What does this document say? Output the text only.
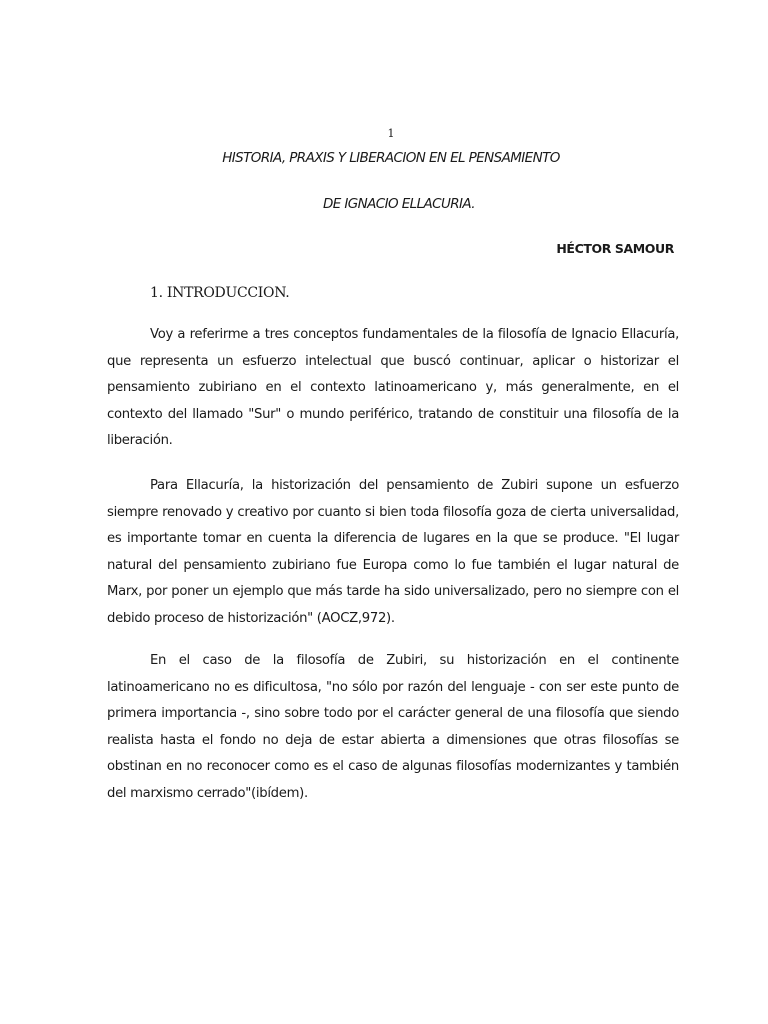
1
HISTORIA, PRAXIS Y LIBERACION EN EL PENSAMIENTO
DE IGNACIO ELLACURIA.
HÉCTOR SAMOUR
1. INTRODUCCION.

Voy a referirme a tres conceptos fundamentales de la filosofía de Ignacio Ellacuría, que representa un esfuerzo intelectual que buscó continuar, aplicar o historizar el pensamiento zubiriano en el contexto latinoamericano y, más generalmente, en el contexto del llamado "Sur" o mundo periférico, tratando de constituir una filosofía de la liberación.

Para Ellacuría, la historización del pensamiento de Zubiri supone un esfuerzo siempre renovado y creativo por cuanto si bien toda filosofía goza de cierta universalidad, es importante tomar en cuenta la diferencia de lugares en la que se produce. "El lugar natural del pensamiento zubiriano fue Europa como lo fue también el lugar natural de Marx, por poner un ejemplo que más tarde ha sido universalizado, pero no siempre con el debido proceso de historización" (AOCZ,972).

En el caso de la filosofía de Zubiri, su historización en el continente latinoamericano no es dificultosa, "no sólo por razón del lenguaje - con ser este punto de primera importancia -, sino sobre todo por el carácter general de una filosofía que siendo realista hasta el fondo no deja de estar abierta a dimensiones que otras filosofías se obstinan en no reconocer como es el caso de algunas filosofías modernizantes y también del marxismo cerrado"(ibídem).
